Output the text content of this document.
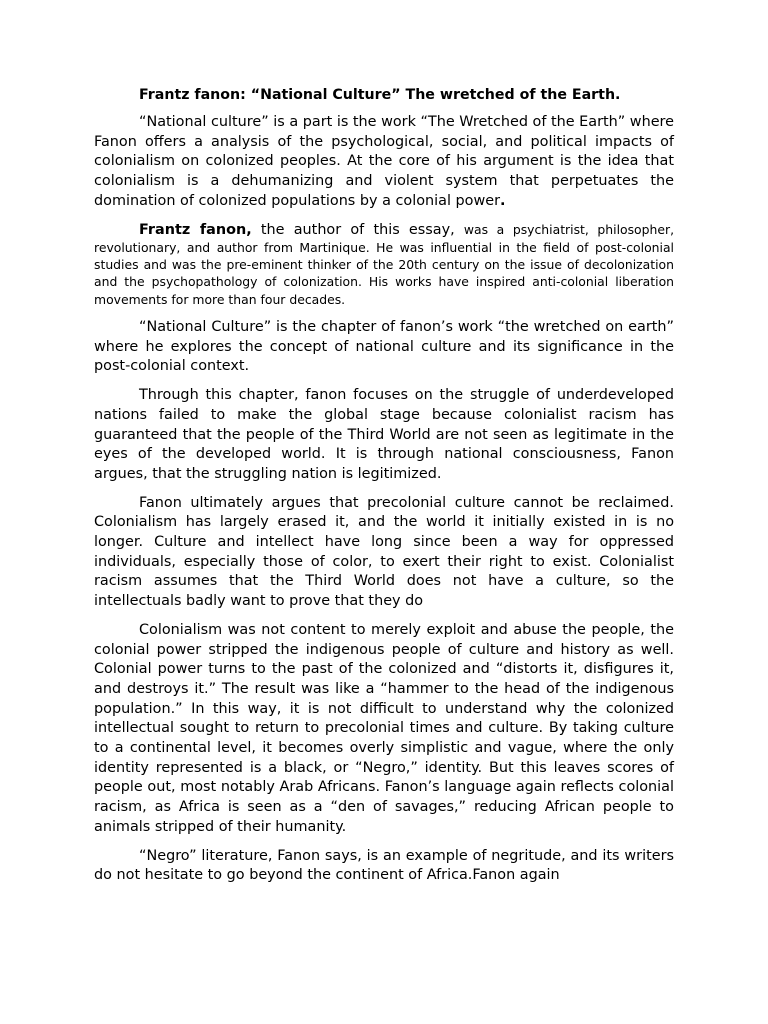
Frantz fanon: “National Culture” The wretched of the Earth.

“National culture” is a part is the work “The Wretched of the Earth” where Fanon offers a analysis of the psychological, social, and political impacts of colonialism on colonized peoples. At the core of his argument is the idea that colonialism is a dehumanizing and violent system that perpetuates the domination of colonized populations by a colonial power.

Frantz fanon, the author of this essay, was a psychiatrist, philosopher, revolutionary, and author from Martinique. He was influential in the field of post-colonial studies and was the pre-eminent thinker of the 20th century on the issue of decolonization and the psychopathology of colonization. His works have inspired anti-colonial liberation movements for more than four decades.

“National Culture” is the chapter of fanon’s work “the wretched on earth” where he explores the concept of national culture and its significance in the post-colonial context.

Through this chapter, fanon focuses on the struggle of underdeveloped nations failed to make the global stage because colonialist racism has guaranteed that the people of the Third World are not seen as legitimate in the eyes of the developed world. It is through national consciousness, Fanon argues, that the struggling nation is legitimized.

Fanon ultimately argues that precolonial culture cannot be reclaimed. Colonialism has largely erased it, and the world it initially existed in is no longer. Culture and intellect have long since been a way for oppressed individuals, especially those of color, to exert their right to exist. Colonialist racism assumes that the Third World does not have a culture, so the intellectuals badly want to prove that they do

Colonialism was not content to merely exploit and abuse the people, the colonial power stripped the indigenous people of culture and history as well. Colonial power turns to the past of the colonized and “distorts it, disfigures it, and destroys it.” The result was like a “hammer to the head of the indigenous population.” In this way, it is not difficult to understand why the colonized intellectual sought to return to precolonial times and culture. By taking culture to a continental level, it becomes overly simplistic and vague, where the only identity represented is a black, or “Negro,” identity. But this leaves scores of people out, most notably Arab Africans. Fanon’s language again reflects colonial racism, as Africa is seen as a “den of savages,” reducing African people to animals stripped of their humanity.

“Negro” literature, Fanon says, is an example of negritude, and its writers do not hesitate to go beyond the continent of Africa.Fanon again
